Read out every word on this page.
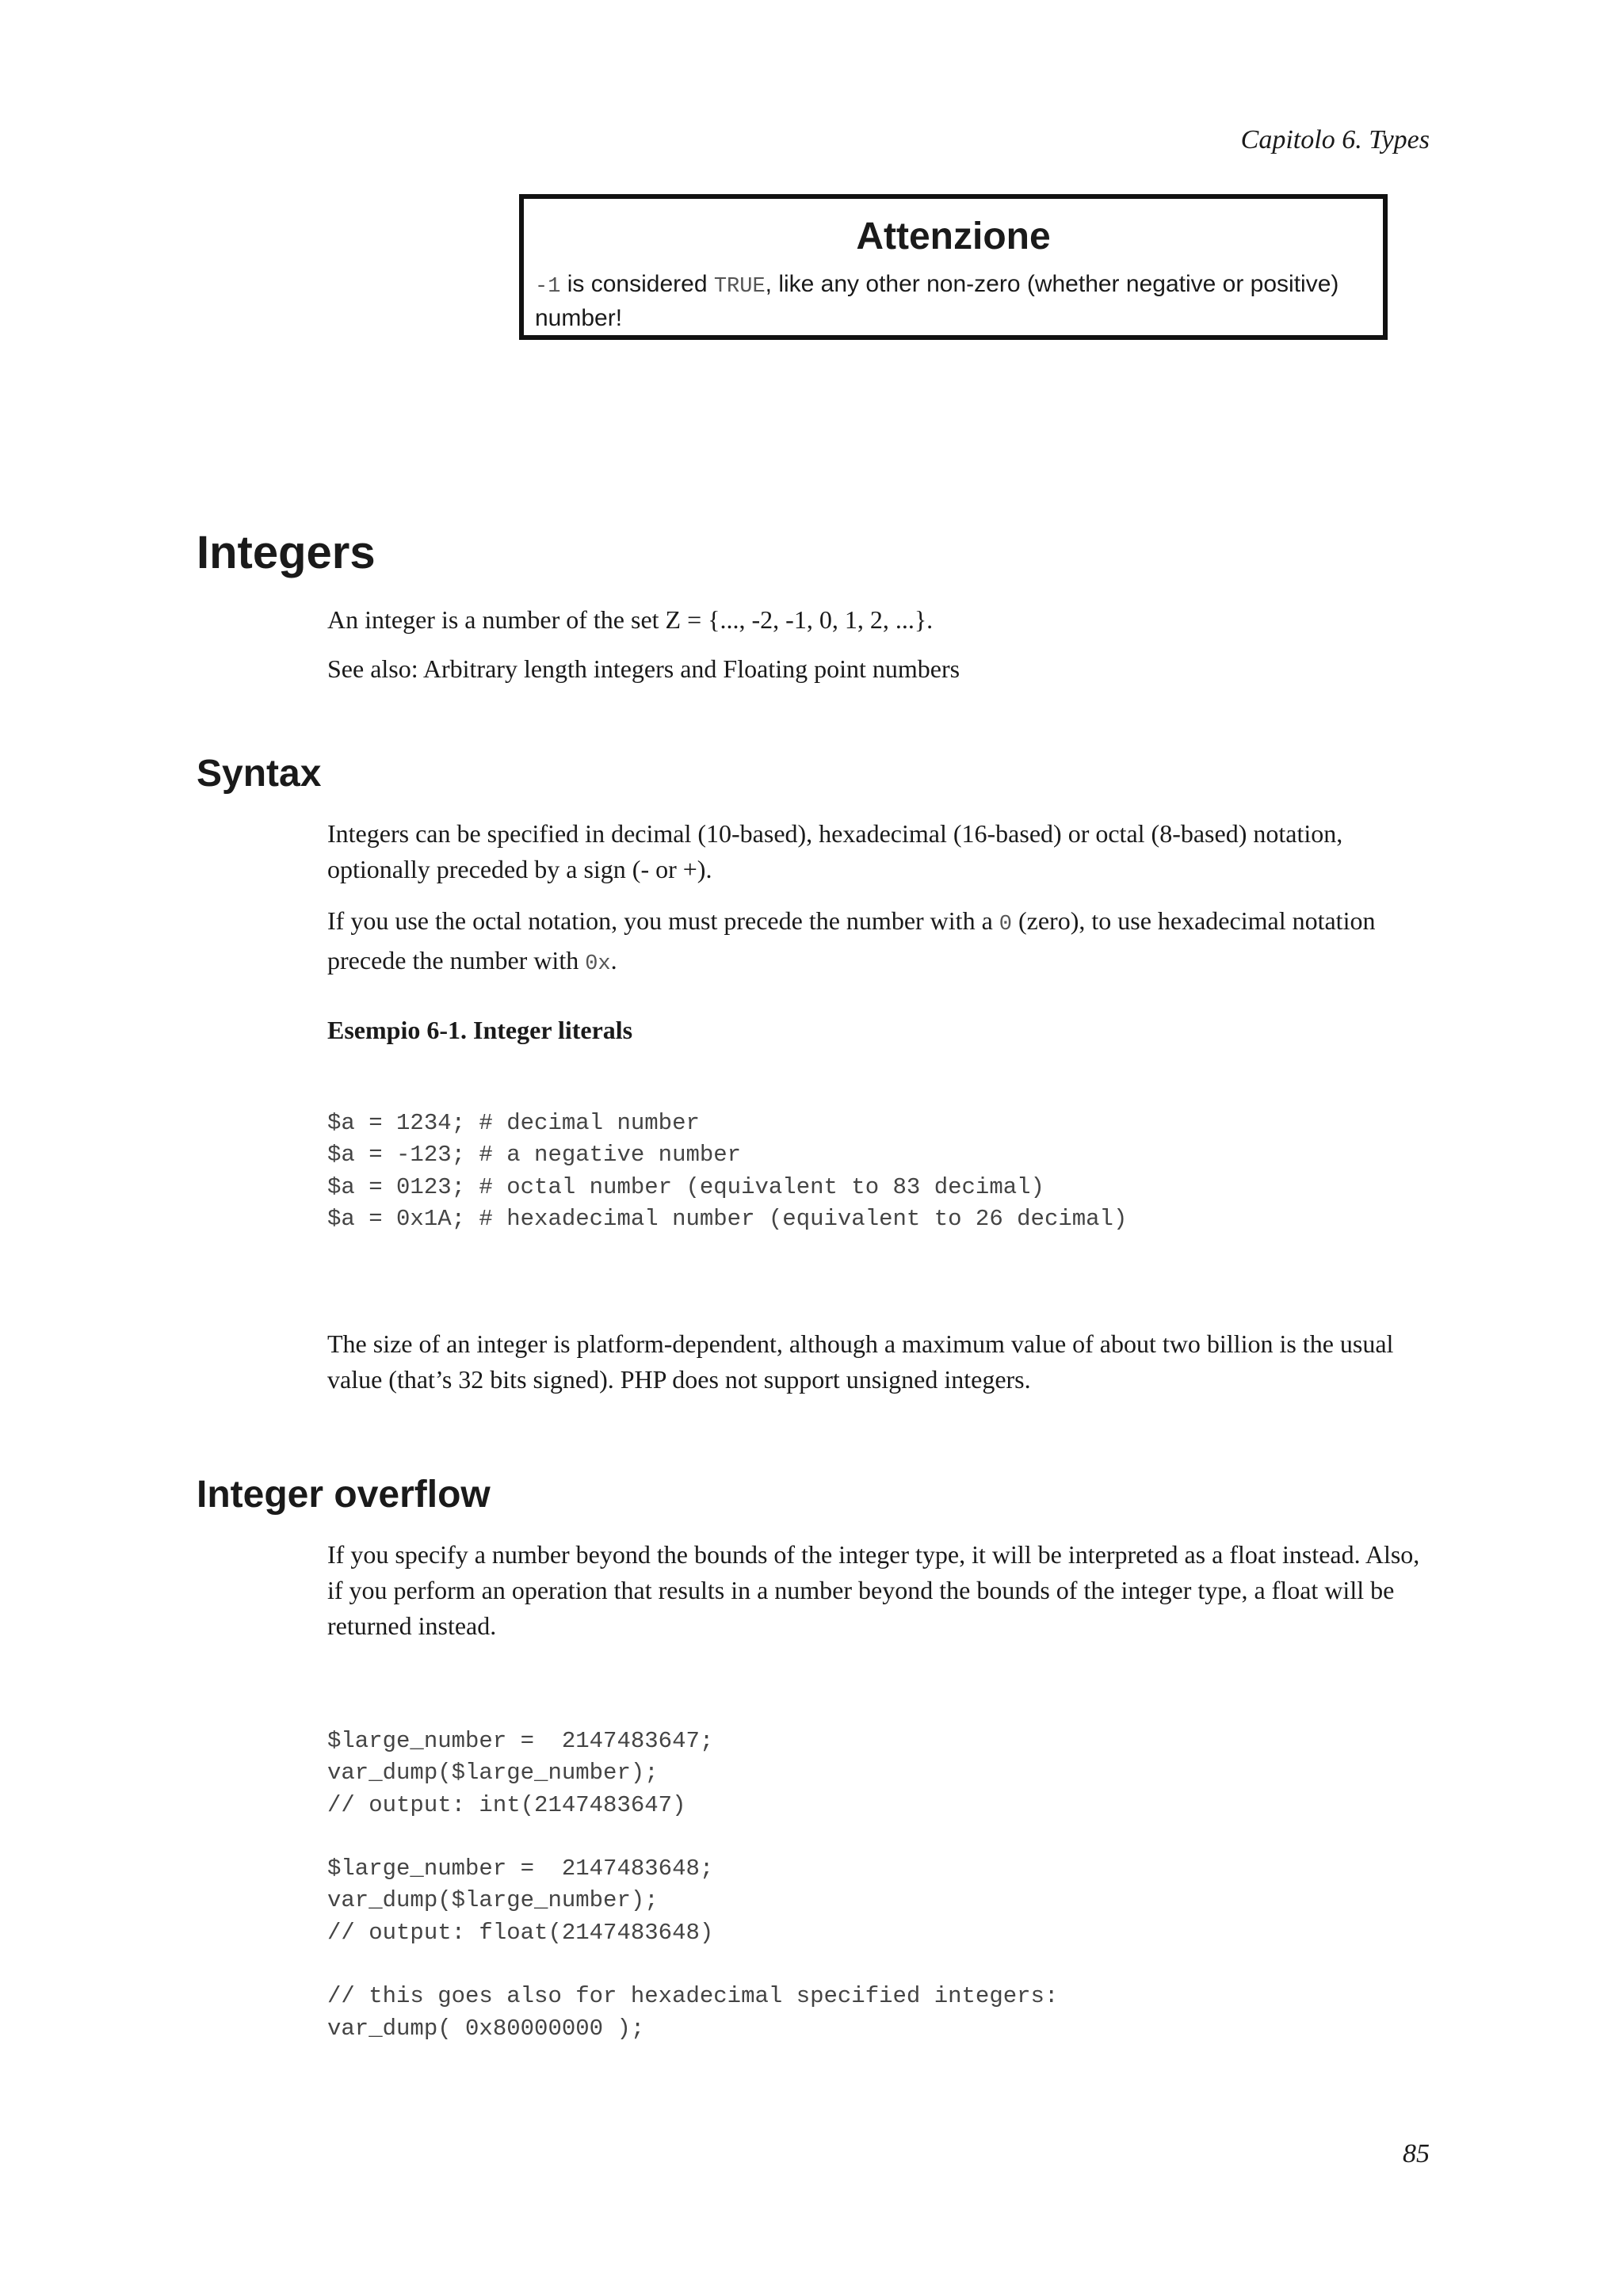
Capitolo 6. Types
Attenzione
-1 is considered TRUE, like any other non-zero (whether negative or positive) number!
Integers

An integer is a number of the set Z = {..., -2, -1, 0, 1, 2, ...}.

See also: Arbitrary length integers and Floating point numbers

Syntax

Integers can be specified in decimal (10-based), hexadecimal (16-based) or octal (8-based) notation, optionally preceded by a sign (- or +).

If you use the octal notation, you must precede the number with a 0 (zero), to use hexadecimal notation precede the number with 0x.

Esempio 6-1. Integer literals

$a = 1234; # decimal number
$a = -123; # a negative number
$a = 0123; # octal number (equivalent to 83 decimal)
$a = 0x1A; # hexadecimal number (equivalent to 26 decimal)

The size of an integer is platform-dependent, although a maximum value of about two billion is the usual value (that’s 32 bits signed). PHP does not support unsigned integers.

Integer overflow

If you specify a number beyond the bounds of the integer type, it will be interpreted as a float instead. Also, if you perform an operation that results in a number beyond the bounds of the integer type, a float will be returned instead.

$large_number =  2147483647;
var_dump($large_number);
// output: int(2147483647)

$large_number =  2147483648;
var_dump($large_number);
// output: float(2147483648)

// this goes also for hexadecimal specified integers:
var_dump( 0x80000000 );
85
